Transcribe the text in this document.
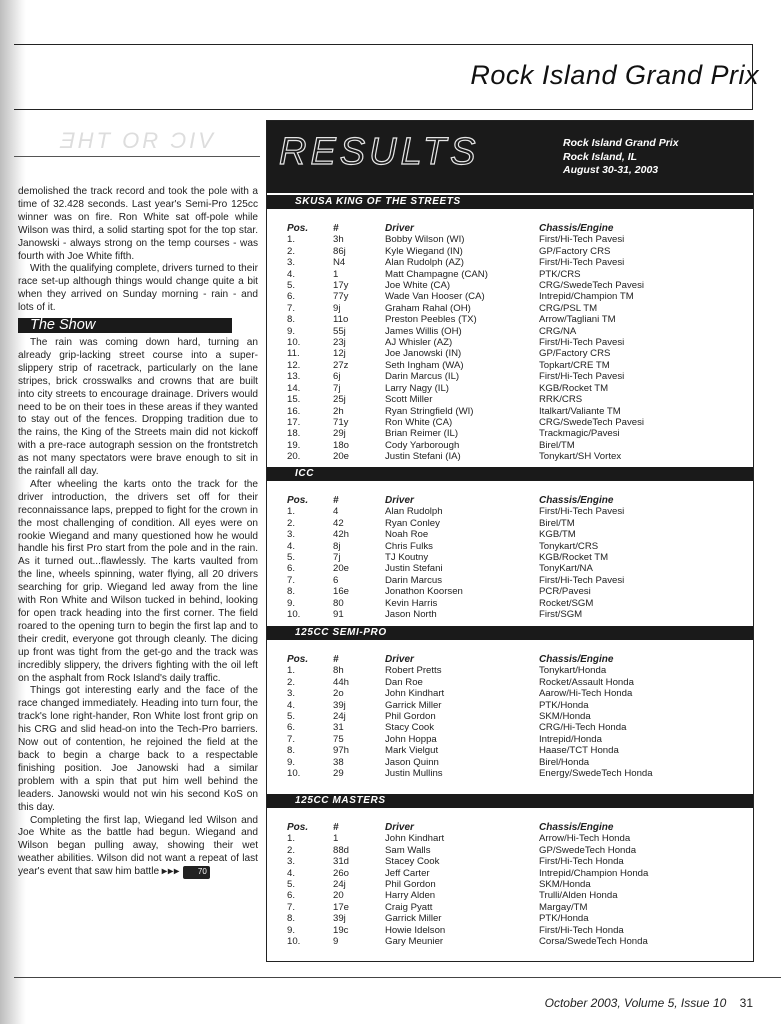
Rock Island Grand Prix
ƎHT OR ƆIV

demolished the track record and took the pole with a time of 32.428 seconds. Last year's Semi-Pro 125cc winner was on fire. Ron White sat off-pole while Wilson was third, a solid starting spot for the top star. Janowski - always strong on the temp courses - was fourth with Joe White fifth.

With the qualifying complete, drivers turned to their race set-up although things would change quite a bit when they arrived on Sunday morning - rain - and lots of it.

The Show

The rain was coming down hard, turning an already grip-lacking street course into a super-slippery strip of racetrack, particularly on the lane stripes, brick crosswalks and crowns that are built into city streets to encourage drainage. Drivers would need to be on their toes in these areas if they wanted to stay out of the fences. Dropping tradition due to the rains, the King of the Streets main did not kickoff with a pre-race autograph session on the frontstretch as not many spectators were brave enough to sit in the rainfall all day.

After wheeling the karts onto the track for the driver introduction, the drivers set off for their reconnaissance laps, prepped to fight for the crown in the most challenging of condition. All eyes were on rookie Wiegand and many questioned how he would handle his first Pro start from the pole and in the rain. As it turned out...flawlessly. The karts vaulted from the line, wheels spinning, water flying, all 20 drivers searching for grip. Wiegand led away from the line with Ron White and Wilson tucked in behind, looking for open track heading into the first corner. The field roared to the opening turn to begin the first lap and to their credit, everyone got through cleanly. The dicing up front was tight from the get-go and the track was incredibly slippery, the drivers fighting with the oil left on the asphalt from Rock Island's daily traffic.

Things got interesting early and the face of the race changed immediately. Heading into turn four, the track's lone right-hander, Ron White lost front grip on his CRG and slid head-on into the Tech-Pro barriers. Now out of contention, he rejoined the field at the back to begin a charge back to a respectable finishing position. Joe Janowski had a similar problem with a spin that put him well behind the leaders. Janowski would not win his second KoS on this day.

Completing the first lap, Wiegand led Wilson and Joe White as the battle had begun. Wiegand and Wilson began pulling away, showing their wet weather abilities. Wilson did not want a repeat of last year's event that saw him battle ▸▸▸ 70

RESULTS	Rock Island Grand Prix
Rock Island, IL
August 30-31, 2003
SKUSA KING OF THE STREETS
Pos.
1.
2.
3.
4.
5.
6.
7.
8.
9.
10.
11.
12.
13.
14.
15.
16.
17.
18.
19.
20.
#
3h
86j
N4
1
17y
77y
9j
11o
55j
23j
12j
27z
6j
7j
25j
2h
71y
29j
18o
20e
Driver
Bobby Wilson (WI)
Kyle Wiegand (IN)
Alan Rudolph (AZ)
Matt Champagne (CAN)
Joe White (CA)
Wade Van Hooser (CA)
Graham Rahal (OH)
Preston Peebles (TX)
James Willis (OH)
AJ Whisler (AZ)
Joe Janowski (IN)
Seth Ingham (WA)
Darin Marcus (IL)
Larry Nagy (IL)
Scott Miller
Ryan Stringfield (WI)
Ron White (CA)
Brian Reimer (IL)
Cody Yarborough
Justin Stefani (IA)
Chassis/Engine
First/Hi-Tech Pavesi
GP/Factory CRS
First/Hi-Tech Pavesi
PTK/CRS
CRG/SwedeTech Pavesi
Intrepid/Champion TM
CRG/PSL TM
Arrow/Tagliani TM
CRG/NA
First/Hi-Tech Pavesi
GP/Factory CRS
Topkart/CRE TM
First/Hi-Tech Pavesi
KGB/Rocket TM
RRK/CRS
Italkart/Valiante TM
CRG/SwedeTech Pavesi
Trackmagic/Pavesi
Birel/TM
Tonykart/SH Vortex
ICC
Pos.
1.
2.
3.
4.
5.
6.
7.
8.
9.
10.
#
4
42
42h
8j
7j
20e
6
16e
80
91
Driver
Alan Rudolph
Ryan Conley
Noah Roe
Chris Fulks
TJ Koutny
Justin Stefani
Darin Marcus
Jonathon Koorsen
Kevin Harris
Jason North
Chassis/Engine
First/Hi-Tech Pavesi
Birel/TM
KGB/TM
Tonykart/CRS
KGB/Rocket TM
TonyKart/NA
First/Hi-Tech Pavesi
PCR/Pavesi
Rocket/SGM
First/SGM
125CC SEMI-PRO
Pos.
1.
2.
3.
4.
5.
6.
7.
8.
9.
10.
#
8h
44h
2o
39j
24j
31
75
97h
38
29
Driver
Robert Pretts
Dan Roe
John Kindhart
Garrick Miller
Phil Gordon
Stacy Cook
John Hoppa
Mark Vielgut
Jason Quinn
Justin Mullins
Chassis/Engine
Tonykart/Honda
Rocket/Assault Honda
Aarow/Hi-Tech Honda
PTK/Honda
SKM/Honda
CRG/Hi-Tech Honda
Intrepid/Honda
Haase/TCT Honda
Birel/Honda
Energy/SwedeTech Honda
125CC MASTERS
Pos.
1.
2.
3.
4.
5.
6.
7.
8.
9.
10.
#
1
88d
31d
26o
24j
20
17e
39j
19c
9
Driver
John Kindhart
Sam Walls
Stacey Cook
Jeff Carter
Phil Gordon
Harry Alden
Craig Pyatt
Garrick Miller
Howie Idelson
Gary Meunier
Chassis/Engine
Arrow/Hi-Tech Honda
GP/SwedeTech Honda
First/Hi-Tech Honda
Intrepid/Champion Honda
SKM/Honda
Trulli/Alden Honda
Margay/TM
PTK/Honda
First/Hi-Tech Honda
Corsa/SwedeTech Honda
October 2003, Volume 5, Issue 10 31
